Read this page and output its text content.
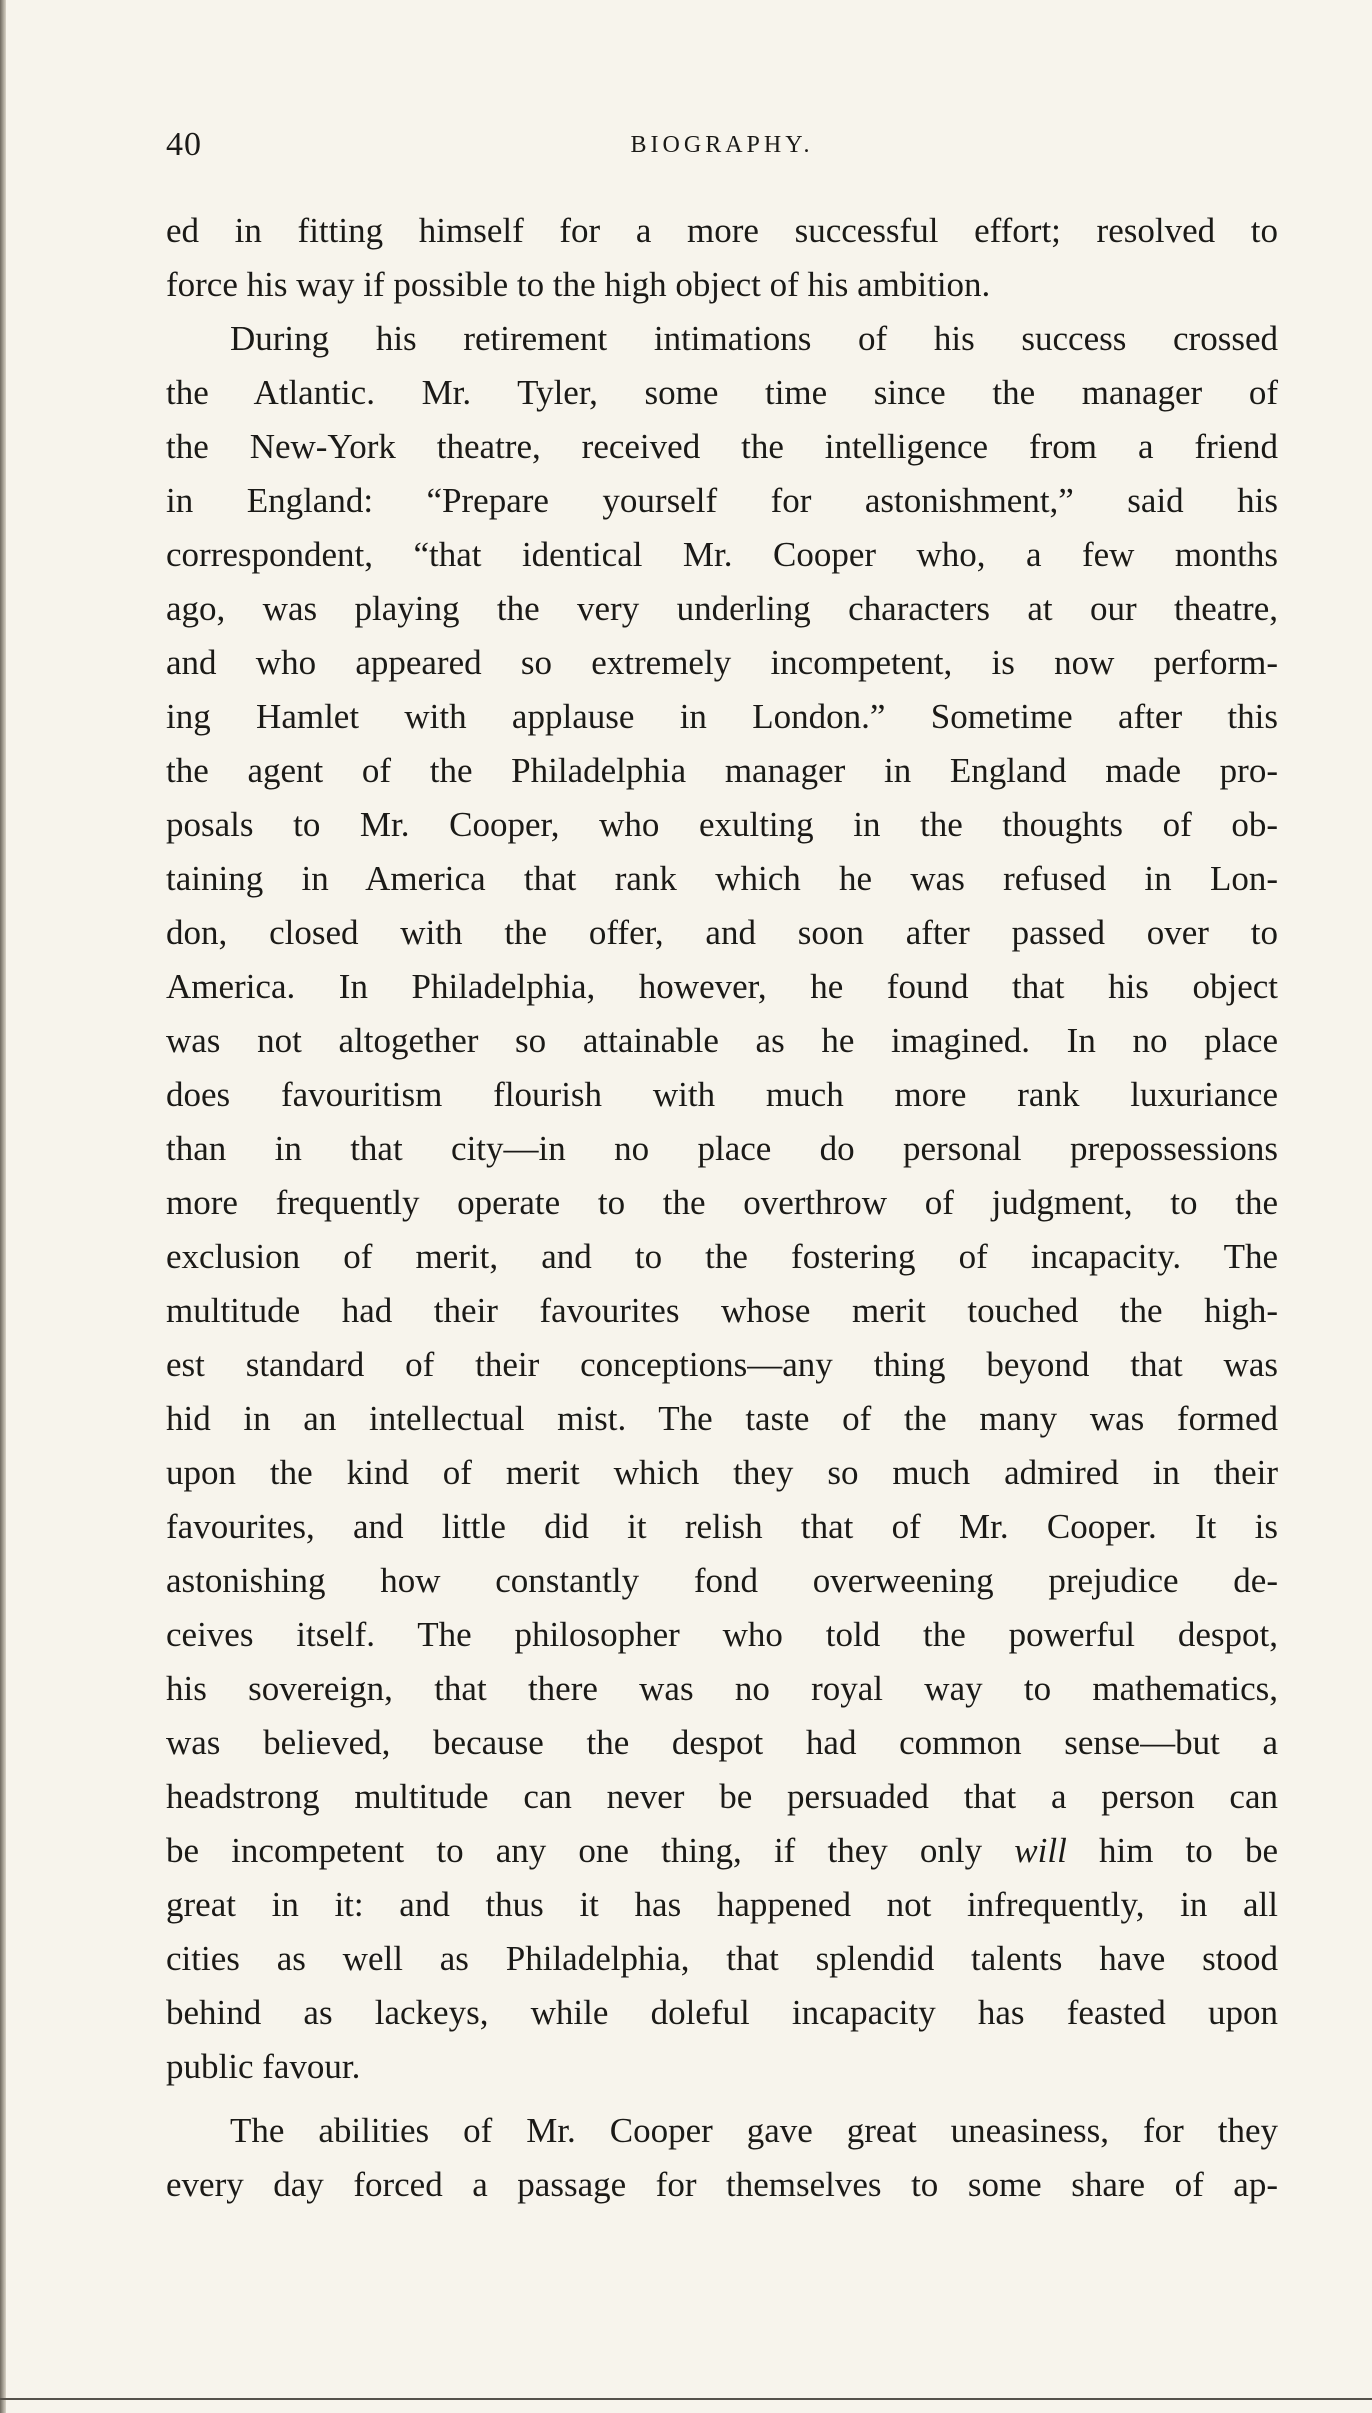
40	BIOGRAPHY.
ed in fitting himself for a more successful effort; resolved to
force his way if possible to the high object of his ambition.
During his retirement intimations of his success crossed
the Atlantic. Mr. Tyler, some time since the manager of
the New-York theatre, received the intelligence from a friend
in England: “Prepare yourself for astonishment,” said his
correspondent, “that identical Mr. Cooper who, a few months
ago, was playing the very underling characters at our theatre,
and who appeared so extremely incompetent, is now perform-
ing Hamlet with applause in London.” Sometime after this
the agent of the Philadelphia manager in England made pro-
posals to Mr. Cooper, who exulting in the thoughts of ob-
taining in America that rank which he was refused in Lon-
don, closed with the offer, and soon after passed over to
America. In Philadelphia, however, he found that his object
was not altogether so attainable as he imagined. In no place
does favouritism flourish with much more rank luxuriance
than in that city—in no place do personal prepossessions
more frequently operate to the overthrow of judgment, to the
exclusion of merit, and to the fostering of incapacity. The
multitude had their favourites whose merit touched the high-
est standard of their conceptions—any thing beyond that was
hid in an intellectual mist. The taste of the many was formed
upon the kind of merit which they so much admired in their
favourites, and little did it relish that of Mr. Cooper. It is
astonishing how constantly fond overweening prejudice de-
ceives itself. The philosopher who told the powerful despot,
his sovereign, that there was no royal way to mathematics,
was believed, because the despot had common sense—but a
headstrong multitude can never be persuaded that a person can
be incompetent to any one thing, if they only will him to be
great in it: and thus it has happened not infrequently, in all
cities as well as Philadelphia, that splendid talents have stood
behind as lackeys, while doleful incapacity has feasted upon
public favour.
The abilities of Mr. Cooper gave great uneasiness, for they
every day forced a passage for themselves to some share of ap-
